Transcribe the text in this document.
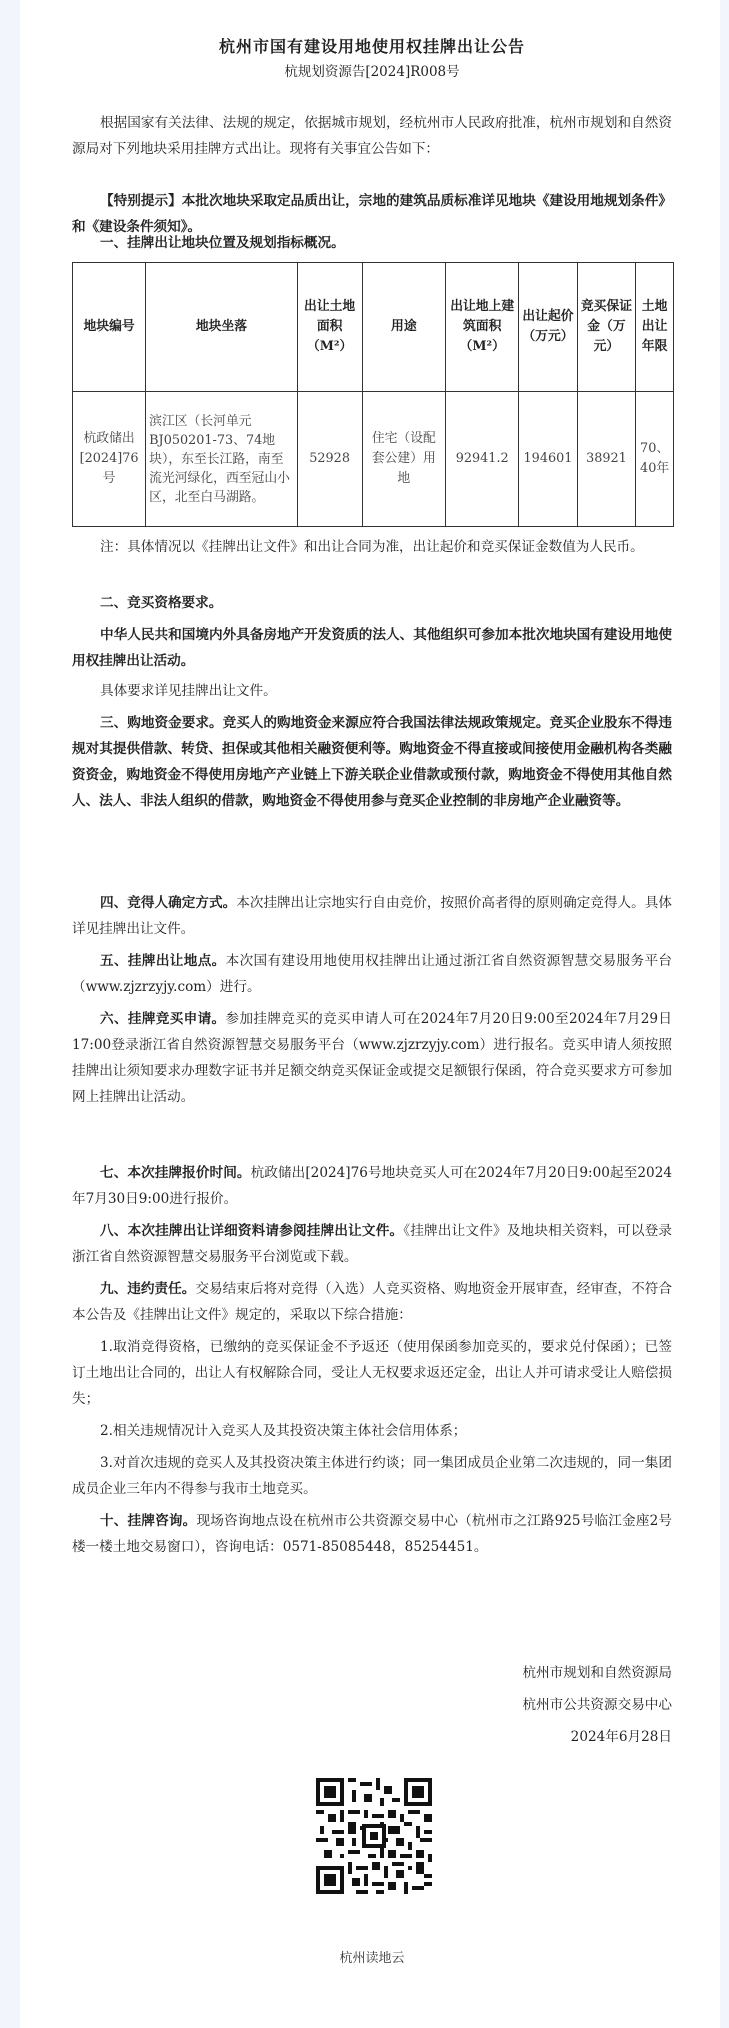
杭州市国有建设用地使用权挂牌出让公告
杭规划资源告[2024]R008号

根据国家有关法律、法规的规定，依据城市规划，经杭州市人民政府批准，杭州市规划和自然资源局对下列地块采用挂牌方式出让。现将有关事宜公告如下：

【特别提示】本批次地块采取定品质出让，宗地的建筑品质标准详见地块《建设用地规划条件》和《建设条件须知》。

一、挂牌出让地块位置及规划指标概况。

地块编号	地块坐落	出让土地面积（M²）	用途	出让地上建筑面积（M²）	出让起价（万元）	竞买保证金（万元）	土地出让年限
杭政储出[2024]76号	滨江区（长河单元BJ050201-73、74地块），东至长江路，南至流光河绿化，西至冠山小区，北至白马湖路。	52928	住宅（设配套公建）用地	92941.2	194601	38921	70、40年

注：具体情况以《挂牌出让文件》和出让合同为准，出让起价和竞买保证金数值为人民币。

二、竞买资格要求。

中华人民共和国境内外具备房地产开发资质的法人、其他组织可参加本批次地块国有建设用地使用权挂牌出让活动。

具体要求详见挂牌出让文件。

三、购地资金要求。竞买人的购地资金来源应符合我国法律法规政策规定。竞买企业股东不得违规对其提供借款、转贷、担保或其他相关融资便利等。购地资金不得直接或间接使用金融机构各类融资资金，购地资金不得使用房地产产业链上下游关联企业借款或预付款，购地资金不得使用其他自然人、法人、非法人组织的借款，购地资金不得使用参与竞买企业控制的非房地产企业融资等。

四、竞得人确定方式。本次挂牌出让宗地实行自由竞价，按照价高者得的原则确定竞得人。具体详见挂牌出让文件。

五、挂牌出让地点。本次国有建设用地使用权挂牌出让通过浙江省自然资源智慧交易服务平台（www.zjzrzyjy.com）进行。

六、挂牌竞买申请。参加挂牌竞买的竞买申请人可在2024年7月20日9:00至2024年7月29日17:00登录浙江省自然资源智慧交易服务平台（www.zjzrzyjy.com）进行报名。竞买申请人须按照挂牌出让须知要求办理数字证书并足额交纳竞买保证金或提交足额银行保函，符合竞买要求方可参加网上挂牌出让活动。

七、本次挂牌报价时间。杭政储出[2024]76号地块竞买人可在2024年7月20日9:00起至2024年7月30日9:00进行报价。

八、本次挂牌出让详细资料请参阅挂牌出让文件。《挂牌出让文件》及地块相关资料，可以登录浙江省自然资源智慧交易服务平台浏览或下载。

九、违约责任。交易结束后将对竞得（入选）人竞买资格、购地资金开展审查，经审查，不符合本公告及《挂牌出让文件》规定的，采取以下综合措施：

1.取消竞得资格，已缴纳的竞买保证金不予返还（使用保函参加竞买的，要求兑付保函）；已签订土地出让合同的，出让人有权解除合同，受让人无权要求返还定金，出让人并可请求受让人赔偿损失；

2.相关违规情况计入竞买人及其投资决策主体社会信用体系；

3.对首次违规的竞买人及其投资决策主体进行约谈；同一集团成员企业第二次违规的，同一集团成员企业三年内不得参与我市土地竞买。

十、挂牌咨询。现场咨询地点设在杭州市公共资源交易中心（杭州市之江路925号临江金座2号楼一楼土地交易窗口），咨询电话：0571-85085448，85254451。

杭州市规划和自然资源局
杭州市公共资源交易中心
2024年6月28日
杭州读地云
